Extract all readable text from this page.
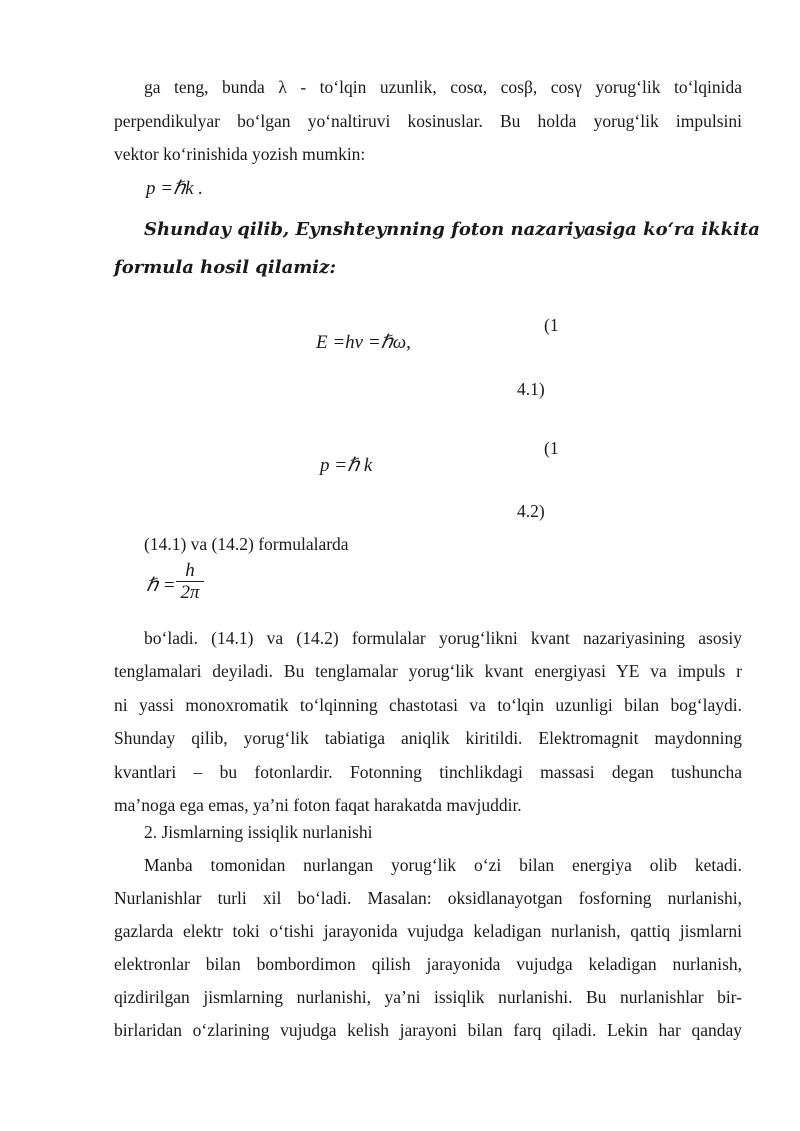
ga teng, bunda λ - to‘lqin uzunlik, cosα, cosβ, cosγ yorug‘lik to‘lqinida
perpendikulyar bo‘lgan yo‘naltiruvi kosinuslar. Bu holda yorug‘lik impulsini
vektor ko‘rinishida yozish mumkin:
p =ℏk .
Shunday qilib, Eynshteynning foton nazariyasiga ko‘ra ikkita
formula hosil qilamiz:
E =hν =ℏω,
(1
4.1)
p =ℏ k
(1
4.2)
(14.1) va (14.2) formulalarda
ℏ =
h
2π
bo‘ladi. (14.1) va (14.2) formulalar yorug‘likni kvant nazariyasining asosiy
tenglamalari deyiladi. Bu tenglamalar yorug‘lik kvant energiyasi YE va impuls r
ni yassi monoxromatik to‘lqinning chastotasi va to‘lqin uzunligi bilan bog‘laydi.
Shunday qilib, yorug‘lik tabiatiga aniqlik kiritildi. Elektromagnit maydonning
kvantlari – bu fotonlardir. Fotonning tinchlikdagi massasi degan tushuncha
ma’noga ega emas, ya’ni foton faqat harakatda mavjuddir.
2. Jismlarning issiqlik nurlanishi
Manba tomonidan nurlangan yorug‘lik o‘zi bilan energiya olib ketadi.
Nurlanishlar turli xil bo‘ladi. Masalan: oksidlanayotgan fosforning nurlanishi,
gazlarda elektr toki o‘tishi jarayonida vujudga keladigan nurlanish, qattiq jismlarni
elektronlar bilan bombordimon qilish jarayonida vujudga keladigan nurlanish,
qizdirilgan jismlarning nurlanishi, ya’ni issiqlik nurlanishi. Bu nurlanishlar bir-
birlaridan o‘zlarining vujudga kelish jarayoni bilan farq qiladi. Lekin har qanday
